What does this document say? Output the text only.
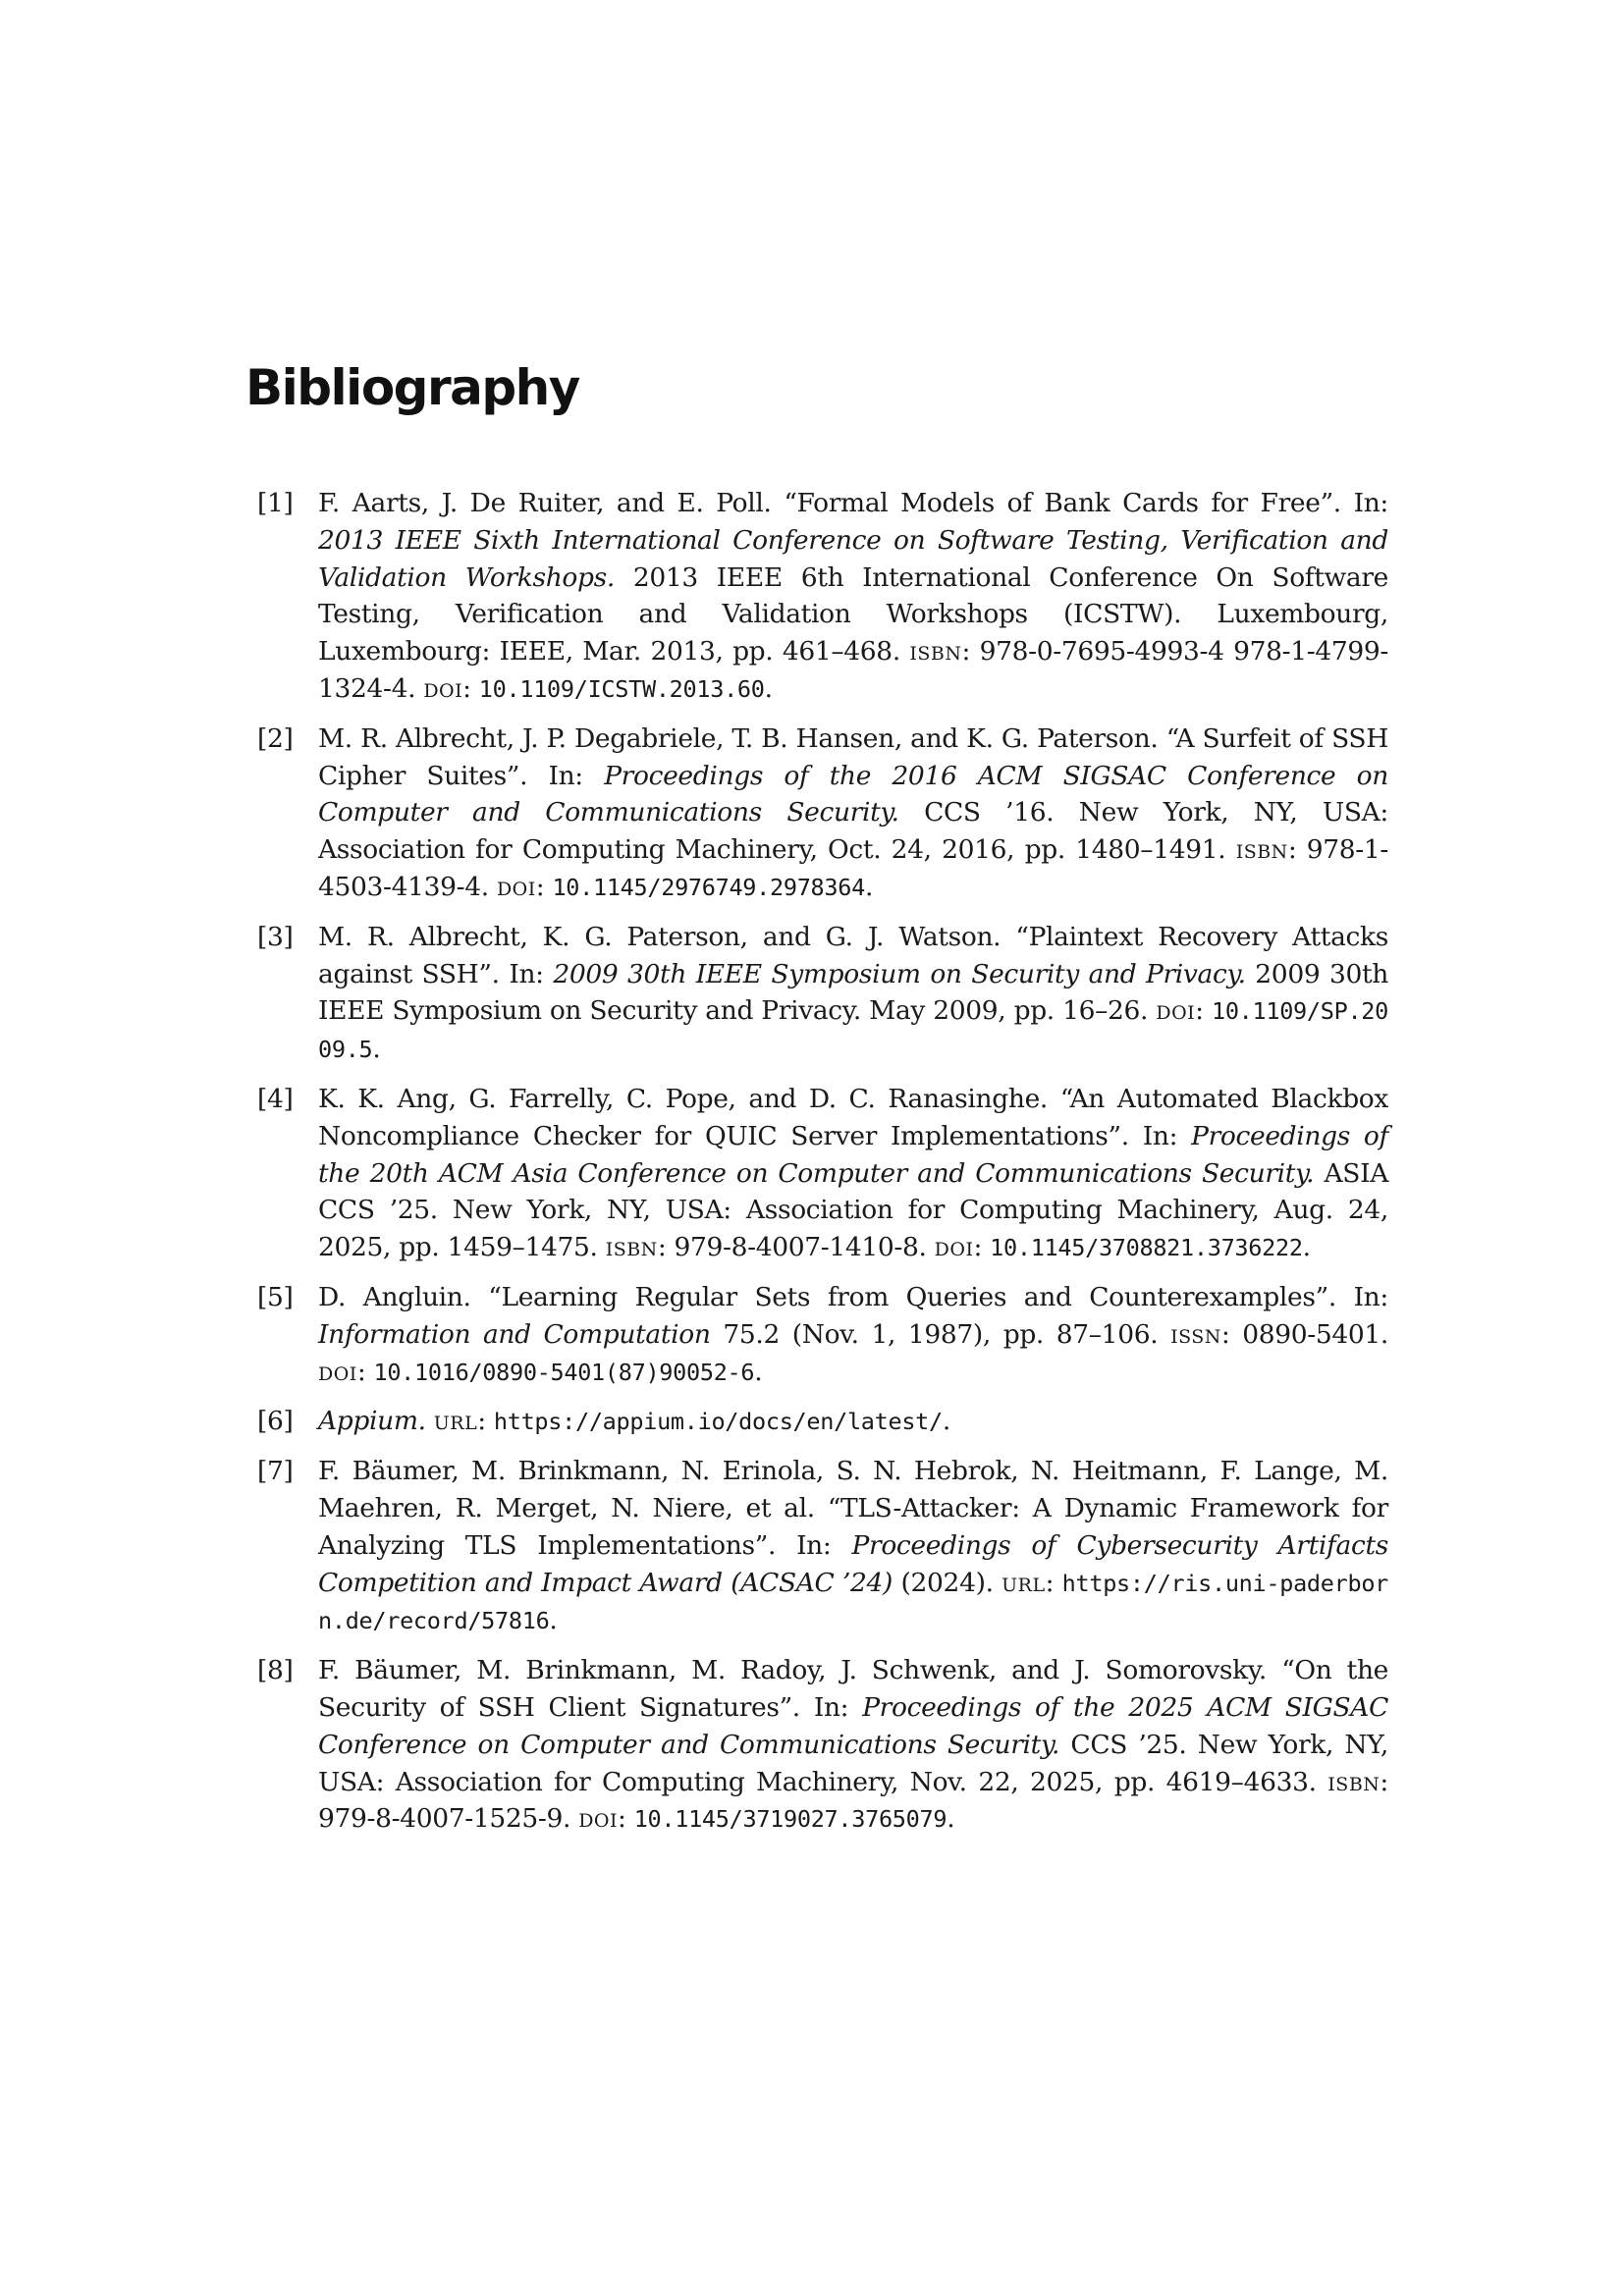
Bibliography
[1] F. Aarts, J. De Ruiter, and E. Poll. “Formal Models of Bank Cards for Free”. In: 2013 IEEE Sixth International Conference on Software Testing, Verification and Validation Workshops. 2013 IEEE 6th International Conference On Software Testing, Verification and Validation Workshops (ICSTW). Luxembourg, Luxembourg: IEEE, Mar. 2013, pp. 461–468. isbn: 978-0-7695-4993-4 978-1-4799-1324-4. doi: 10.1109/ICSTW.2013.60.
[2] M. R. Albrecht, J. P. Degabriele, T. B. Hansen, and K. G. Paterson. “A Surfeit of SSH Cipher Suites”. In: Proceedings of the 2016 ACM SIGSAC Conference on Computer and Communications Security. CCS ’16. New York, NY, USA: Association for Computing Machinery, Oct. 24, 2016, pp. 1480–1491. isbn: 978-1-4503-4139-4. doi: 10.1145/2976749.2978364.
[3] M. R. Albrecht, K. G. Paterson, and G. J. Watson. “Plaintext Recovery Attacks against SSH”. In: 2009 30th IEEE Symposium on Security and Privacy. 2009 30th IEEE Symposium on Security and Privacy. May 2009, pp. 16–26. doi: 10.1109/SP.2009.5.
[4] K. K. Ang, G. Farrelly, C. Pope, and D. C. Ranasinghe. “An Automated Blackbox Noncompliance Checker for QUIC Server Implementations”. In: Proceedings of the 20th ACM Asia Conference on Computer and Communications Security. ASIA CCS ’25. New York, NY, USA: Association for Computing Machinery, Aug. 24, 2025, pp. 1459–1475. isbn: 979-8-4007-1410-8. doi: 10.1145/3708821.3736222.
[5] D. Angluin. “Learning Regular Sets from Queries and Counterexamples”. In: Information and Computation 75.2 (Nov. 1, 1987), pp. 87–106. issn: 0890-5401. doi: 10.1016/0890-5401(87)90052-6.
[6] Appium. url: https://appium.io/docs/en/latest/.
[7] F. Bäumer, M. Brinkmann, N. Erinola, S. N. Hebrok, N. Heitmann, F. Lange, M. Maehren, R. Merget, N. Niere, et al. “TLS-Attacker: A Dynamic Framework for Analyzing TLS Implementations”. In: Proceedings of Cybersecurity Artifacts Competition and Impact Award (ACSAC ’24) (2024). url: https://ris.uni-paderborn.de/record/57816.
[8] F. Bäumer, M. Brinkmann, M. Radoy, J. Schwenk, and J. Somorovsky. “On the Security of SSH Client Signatures”. In: Proceedings of the 2025 ACM SIGSAC Conference on Computer and Communications Security. CCS ’25. New York, NY, USA: Association for Computing Machinery, Nov. 22, 2025, pp. 4619–4633. isbn: 979-8-4007-1525-9. doi: 10.1145/3719027.3765079.
